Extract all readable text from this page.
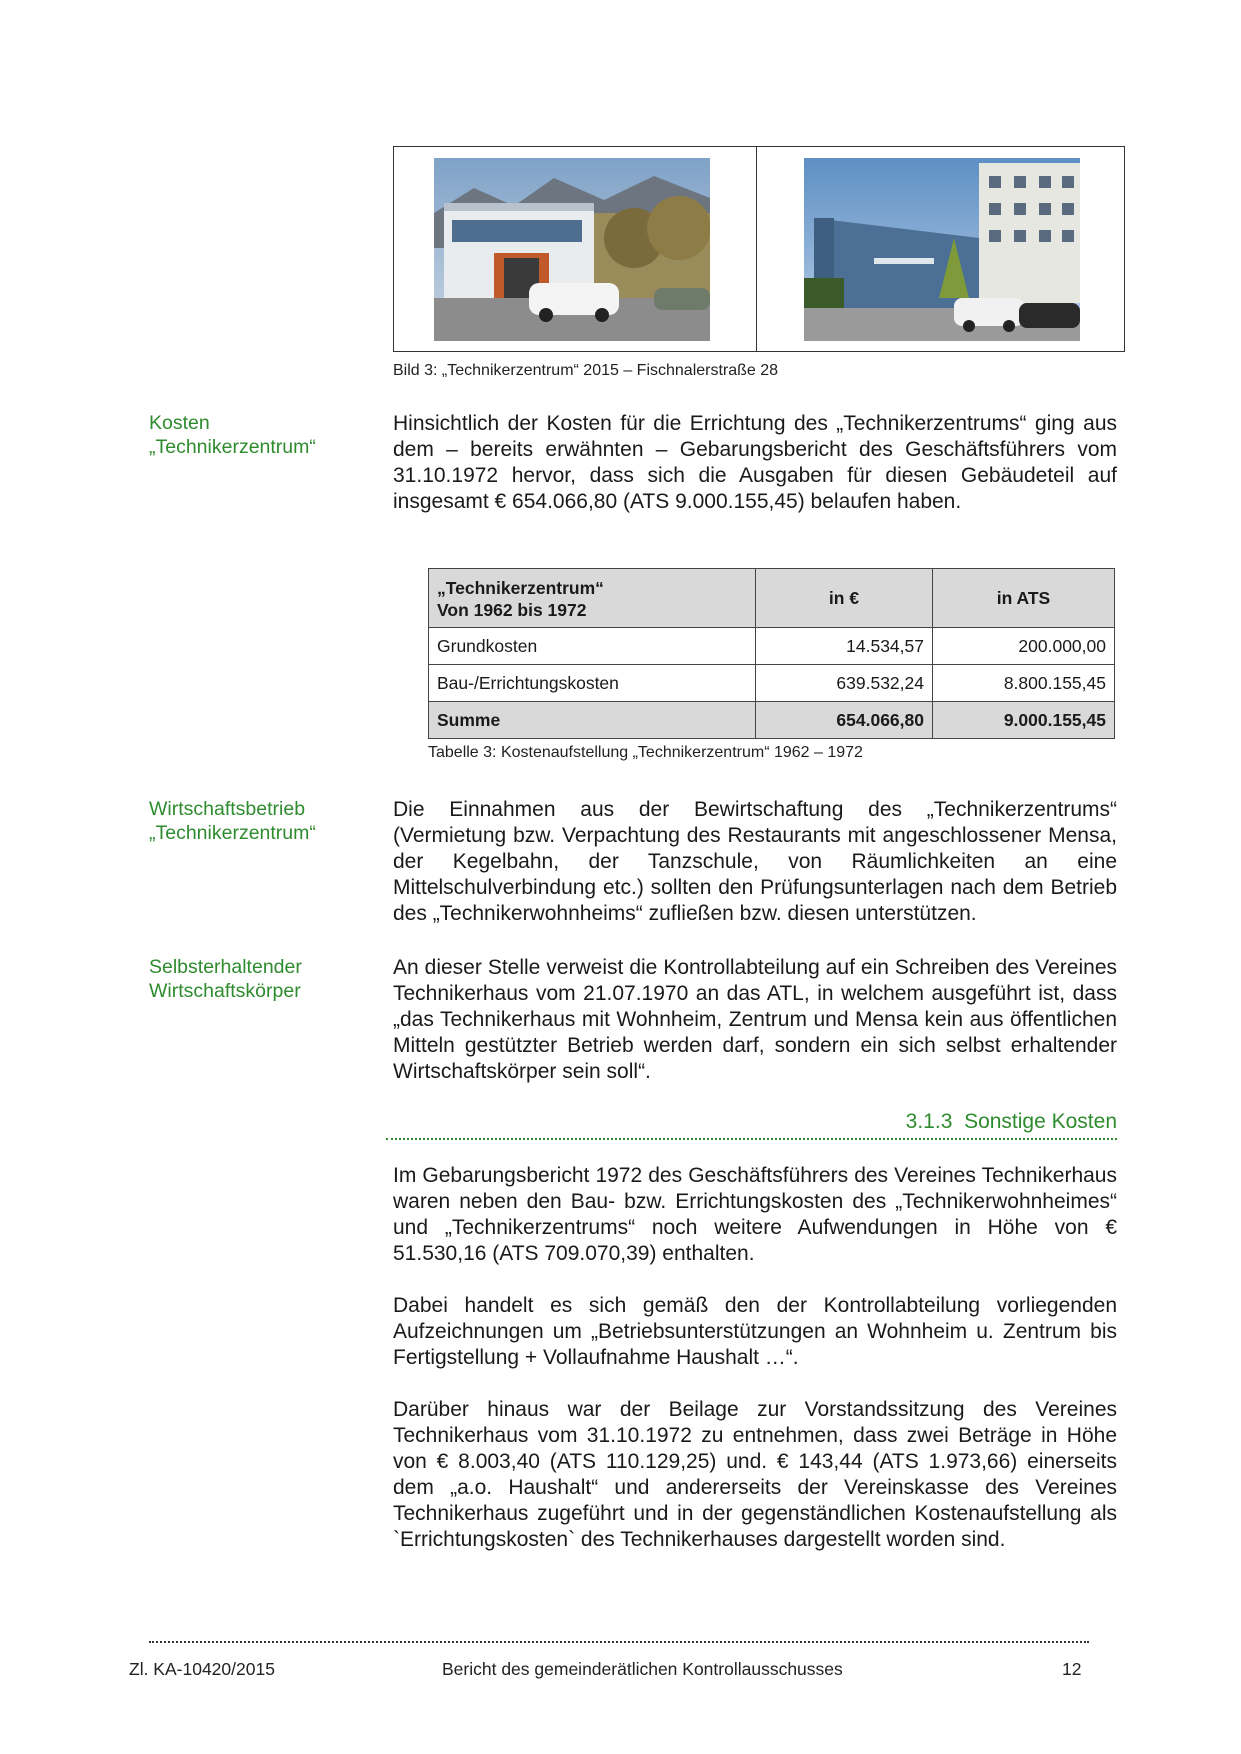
Bild 3: „Technikerzentrum“ 2015 – Fischnalerstraße 28
Kosten
„Technikerzentrum“
Wirtschaftsbetrieb
„Technikerzentrum“
Selbsterhaltender
Wirtschaftskörper

Hinsichtlich der Kosten für die Errichtung des „Technikerzentrums“ ging aus dem – bereits erwähnten – Gebarungsbericht des Geschäftsführers vom 31.10.1972 hervor, dass sich die Ausgaben für diesen Gebäudeteil auf insgesamt € 654.066,80 (ATS 9.000.155,45) belaufen haben.

„Technikerzentrum“
Von 1962 bis 1972	in €	in ATS
Grundkosten	14.534,57	200.000,00
Bau-/Errichtungskosten	639.532,24	8.800.155,45
Summe	654.066,80	9.000.155,45
Tabelle 3: Kostenaufstellung „Technikerzentrum“ 1962 – 1972

Die Einnahmen aus der Bewirtschaftung des „Technikerzentrums“ (Vermietung bzw. Verpachtung des Restaurants mit angeschlossener Mensa, der Kegelbahn, der Tanzschule, von Räumlichkeiten an eine Mittelschulverbindung etc.) sollten den Prüfungsunterlagen nach dem Betrieb des „Technikerwohnheims“ zufließen bzw. diesen unterstützen.

An dieser Stelle verweist die Kontrollabteilung auf ein Schreiben des Vereines Technikerhaus vom 21.07.1970 an das ATL, in welchem ausgeführt ist, dass „das Technikerhaus mit Wohnheim, Zentrum und Mensa kein aus öffentlichen Mitteln gestützter Betrieb werden darf, sondern ein sich selbst erhaltender Wirtschaftskörper sein soll“.

3.1.3 Sonstige Kosten

Im Gebarungsbericht 1972 des Geschäftsführers des Vereines Technikerhaus waren neben den Bau- bzw. Errichtungskosten des „Technikerwohnheimes“ und „Technikerzentrums“ noch weitere Aufwendungen in Höhe von € 51.530,16 (ATS 709.070,39) enthalten.

Dabei handelt es sich gemäß den der Kontrollabteilung vorliegenden Aufzeichnungen um „Betriebsunterstützungen an Wohnheim u. Zentrum bis Fertigstellung + Vollaufnahme Haushalt …“.

Darüber hinaus war der Beilage zur Vorstandssitzung des Vereines Technikerhaus vom 31.10.1972 zu entnehmen, dass zwei Beträge in Höhe von € 8.003,40 (ATS 110.129,25) und. € 143,44 (ATS 1.973,66) einerseits dem „a.o. Haushalt“ und andererseits der Vereinskasse des Vereines Technikerhaus zugeführt und in der gegenständlichen Kostenaufstellung als `Errichtungskosten` des Technikerhauses dargestellt worden sind.

Zl. KA-10420/2015	Bericht des gemeinderätlichen Kontrollausschusses	12
